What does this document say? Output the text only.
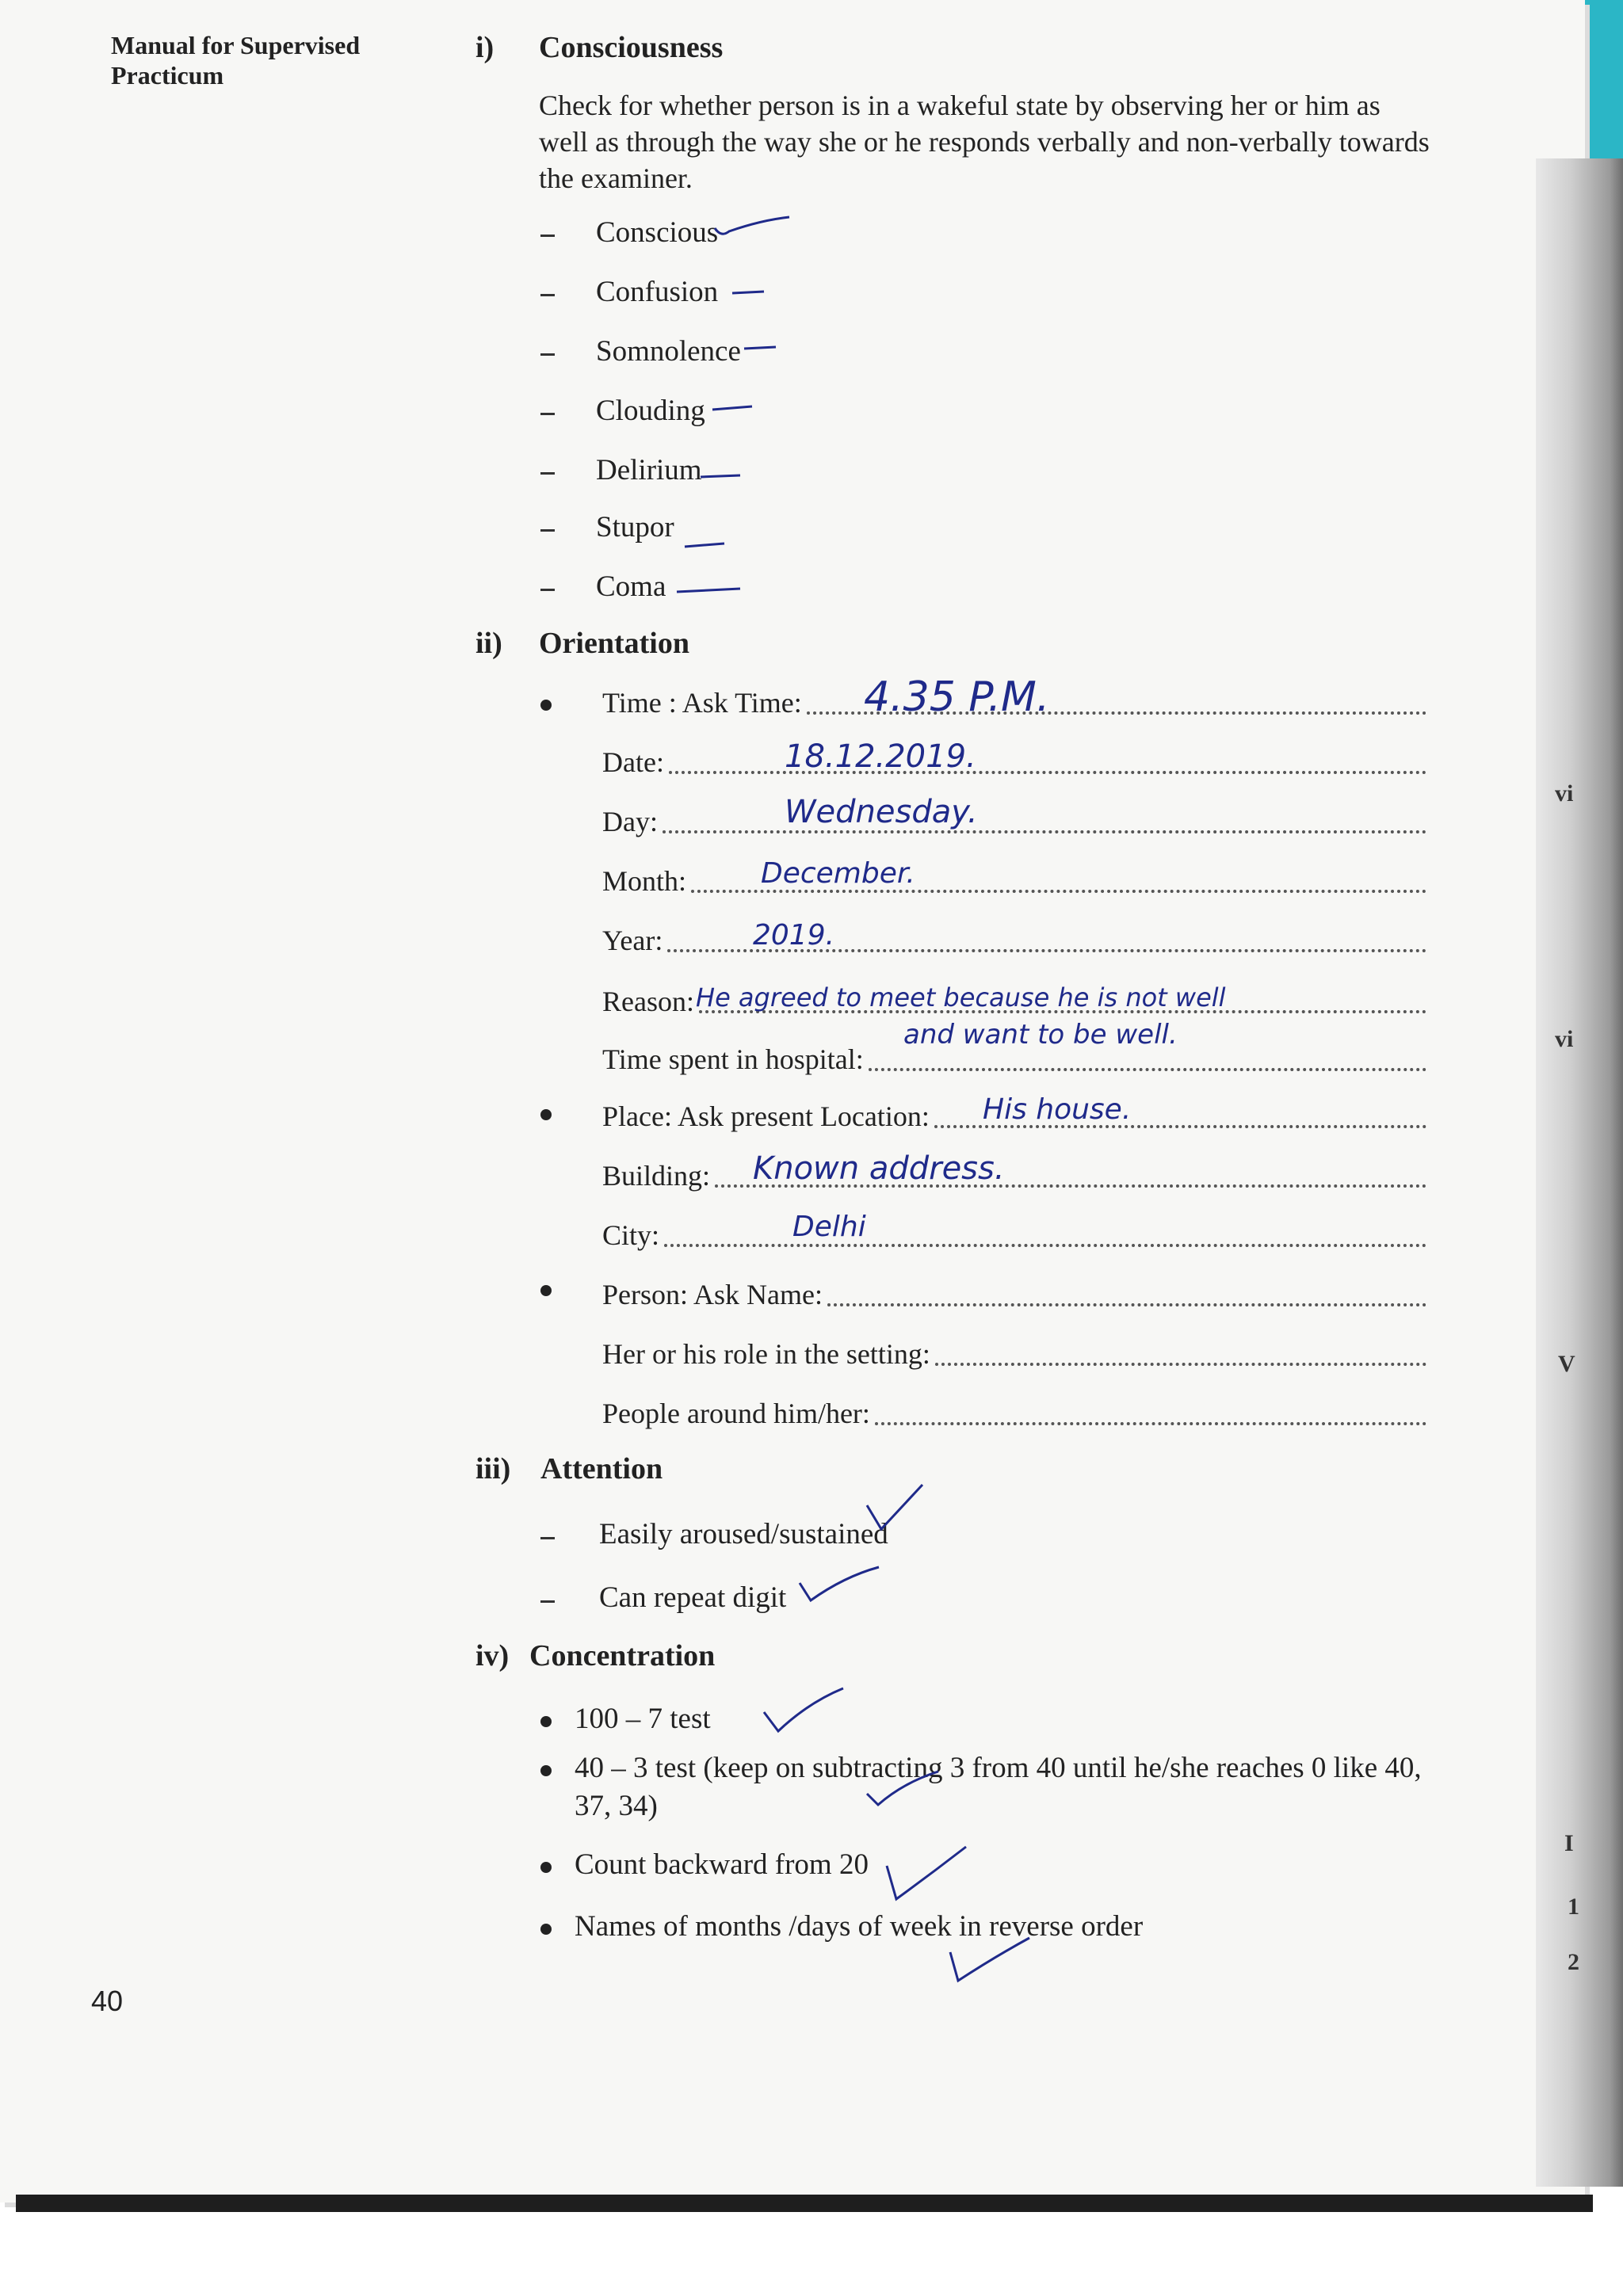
vi
vi
V
I
1
2
Manual for Supervised Practicum
40
i) Consciousness
Check for whether person is in a wakeful state by observing her or him as well as through the way she or he responds verbally and non-verbally towards the examiner.
Conscious
Confusion
Somnolence
Clouding
Delirium
Stupor
Coma
ii) Orientation
Time : Ask Time: 4.35 P.M.
Date:	18.12.2019.
Day:	Wednesday.
Month:	December.
Year:	2019.
Reason: He agreed to meet because he is not well
and want to be well.
Time spent in hospital:
Place: Ask present Location: His house.
Building: Known address.
City:	Delhi
Person: Ask Name:
Her or his role in the setting:
People around him/her:
iii) Attention
Easily aroused/sustained
Can repeat digit
iv) Concentration
100 – 7 test
40 – 3 test (keep on subtracting 3 from 40 until he/she reaches 0 like 40,
37, 34)
Count backward from 20
Names of months /days of week in reverse order
